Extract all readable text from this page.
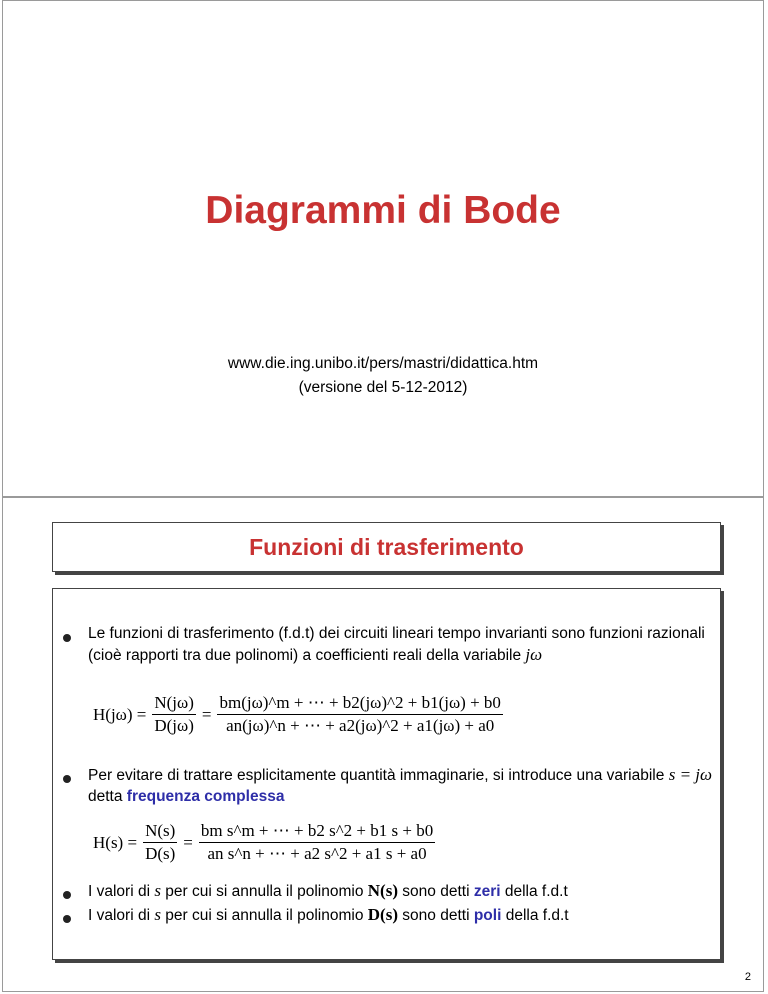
Diagrammi di Bode
www.die.ing.unibo.it/pers/mastri/didattica.htm
(versione del 5-12-2012)
Funzioni di trasferimento
Le funzioni di trasferimento (f.d.t) dei circuiti lineari tempo invarianti sono funzioni razionali (cioè rapporti tra due polinomi) a coefficienti reali della variabile jω
$H(j\omega) = \frac{N(j\omega)}{D(j\omega)} = \frac{bm(j\omega)\^{}m + \cdots + b2(j\omega)\^{}2 + b1(j\omega) + b0}{an(j\omega)\^{}n + \cdots + a2(j\omega)\^{}2 + a1(j\omega) + a0}$
Per evitare di trattare esplicitamente quantità immaginarie, si introduce una variabile s = jω detta frequenza complessa
$H(s) = \frac{N(s)}{D(s)} = \frac{\text{bm s\textasciicircum{}m + ⋯ + b2 s\textasciicircum{}2 + b1 s + b0}}{\text{an s\textasciicircum{}n + ⋯ + a2 s\textasciicircum{}2 + a1 s + a0}}$
I valori di s per cui si annulla il polinomio N(s) sono detti zeri della f.d.t
I valori di s per cui si annulla il polinomio D(s) sono detti poli della f.d.t
2
